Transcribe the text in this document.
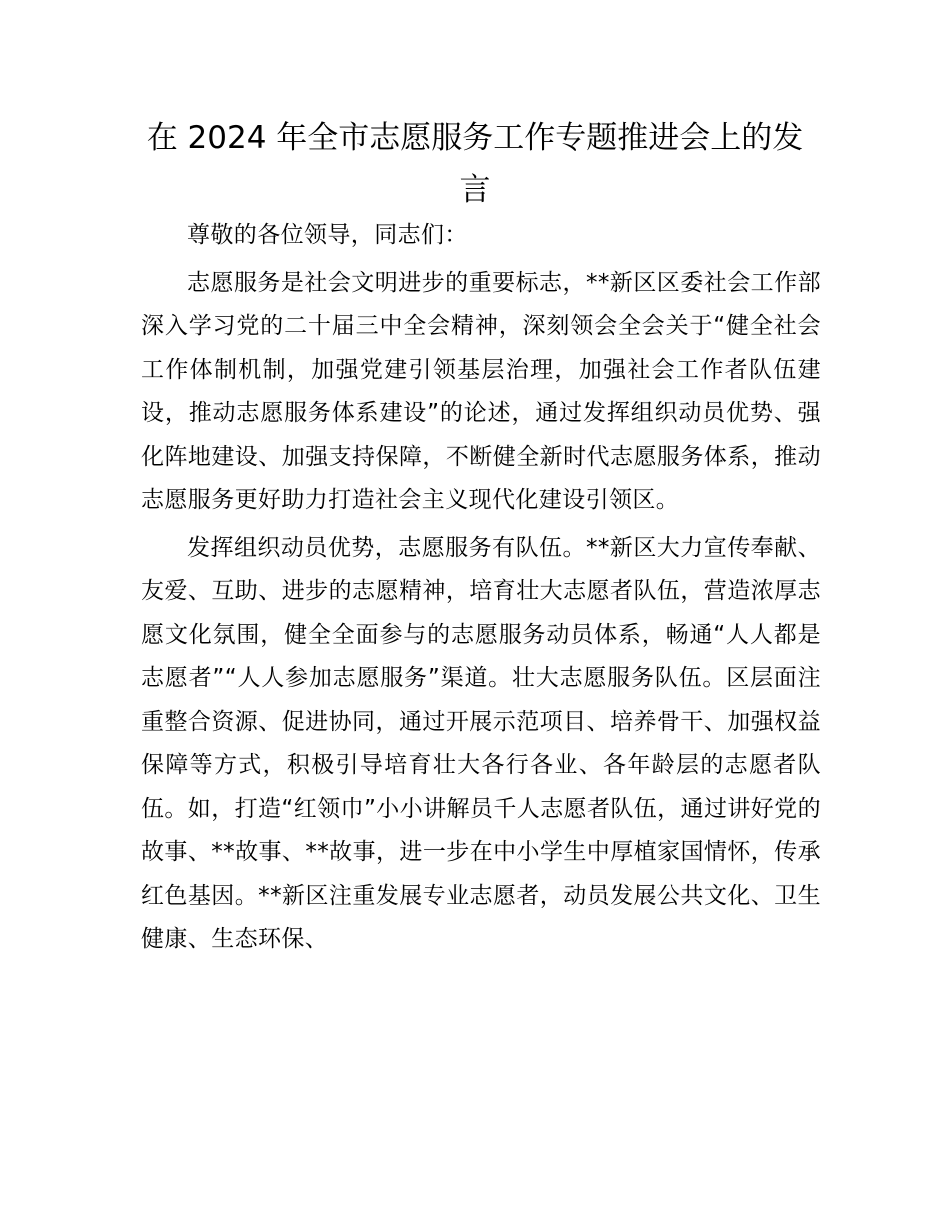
在 2024 年全市志愿服务工作专题推进会上的发言

尊敬的各位领导，同志们：

志愿服务是社会文明进步的重要标志，**新区区委社会工作部深入学习党的二十届三中全会精神，深刻领会全会关于“健全社会工作体制机制，加强党建引领基层治理，加强社会工作者队伍建设，推动志愿服务体系建设”的论述，通过发挥组织动员优势、强化阵地建设、加强支持保障，不断健全新时代志愿服务体系，推动志愿服务更好助力打造社会主义现代化建设引领区。

发挥组织动员优势，志愿服务有队伍。**新区大力宣传奉献、友爱、互助、进步的志愿精神，培育壮大志愿者队伍，营造浓厚志愿文化氛围，健全全面参与的志愿服务动员体系，畅通“人人都是志愿者”“人人参加志愿服务”渠道。壮大志愿服务队伍。区层面注重整合资源、促进协同，通过开展示范项目、培养骨干、加强权益保障等方式，积极引导培育壮大各行各业、各年龄层的志愿者队伍。如，打造“红领巾”小小讲解员千人志愿者队伍，通过讲好党的故事、**故事、**故事，进一步在中小学生中厚植家国情怀，传承红色基因。**新区注重发展专业志愿者，动员发展公共文化、卫生健康、生态环保、
